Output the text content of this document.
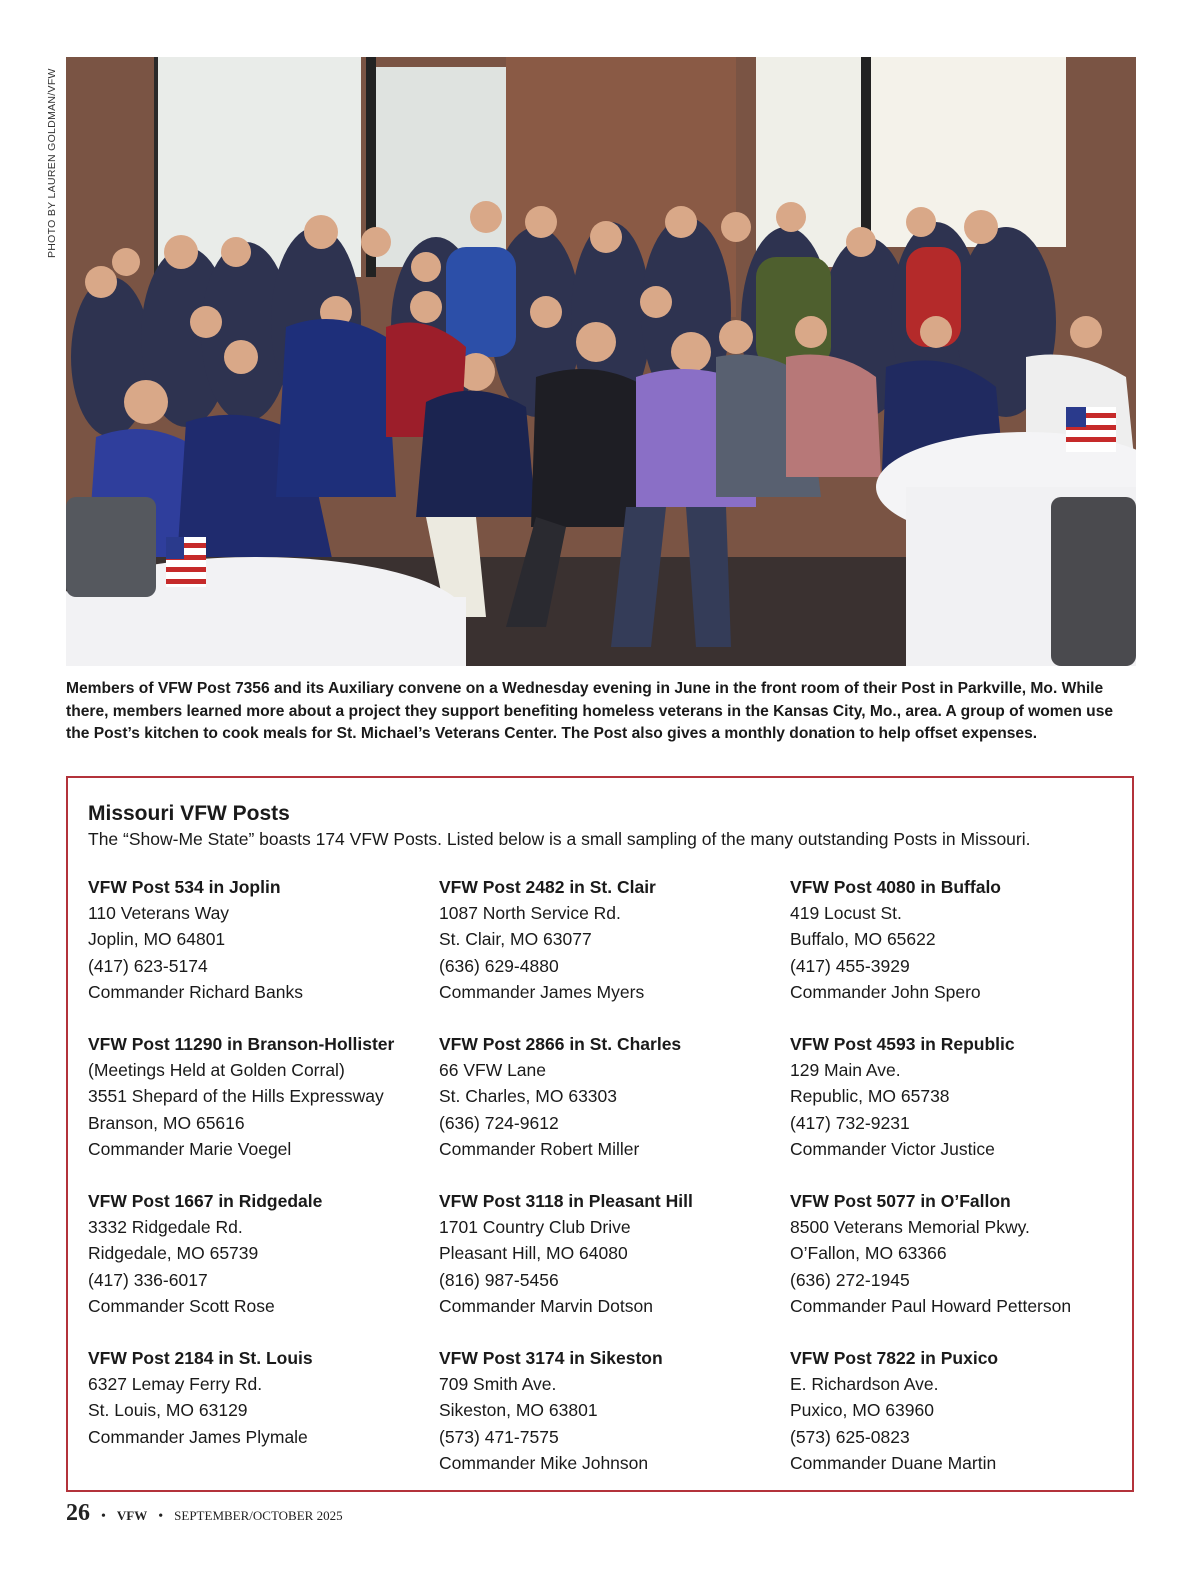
PHOTO BY LAUREN GOLDMAN/VFW
Members of VFW Post 7356 and its Auxiliary convene on a Wednesday evening in June in the front room of their Post in Parkville, Mo. While there, members learned more about a project they support benefiting homeless veterans in the Kansas City, Mo., area. A group of women use the Post’s kitchen to cook meals for St. Michael’s Veterans Center. The Post also gives a monthly donation to help offset expenses.
Missouri VFW Posts
The “Show-Me State” boasts 174 VFW Posts. Listed below is a small sampling of the many outstanding Posts in Missouri.
VFW Post 534 in Joplin
110 Veterans Way
Joplin, MO 64801
(417) 623-5174
Commander Richard Banks
VFW Post 11290 in Branson-Hollister
(Meetings Held at Golden Corral)
3551 Shepard of the Hills Expressway
Branson, MO 65616
Commander Marie Voegel
VFW Post 1667 in Ridgedale
3332 Ridgedale Rd.
Ridgedale, MO 65739
(417) 336-6017
Commander Scott Rose
VFW Post 2184 in St. Louis
6327 Lemay Ferry Rd.
St. Louis, MO 63129
Commander James Plymale
VFW Post 2482 in St. Clair
1087 North Service Rd.
St. Clair, MO 63077
(636) 629-4880
Commander James Myers
VFW Post 2866 in St. Charles
66 VFW Lane
St. Charles, MO 63303
(636) 724-9612
Commander Robert Miller
VFW Post 3118 in Pleasant Hill
1701 Country Club Drive
Pleasant Hill, MO 64080
(816) 987-5456
Commander Marvin Dotson
VFW Post 3174 in Sikeston
709 Smith Ave.
Sikeston, MO 63801
(573) 471-7575
Commander Mike Johnson
VFW Post 4080 in Buffalo
419 Locust St.
Buffalo, MO 65622
(417) 455-3929
Commander John Spero
VFW Post 4593 in Republic
129 Main Ave.
Republic, MO 65738
(417) 732-9231
Commander Victor Justice
VFW Post 5077 in O’Fallon
8500 Veterans Memorial Pkwy.
O’Fallon, MO 63366
(636) 272-1945
Commander Paul Howard Petterson
VFW Post 7822 in Puxico
E. Richardson Ave.
Puxico, MO 63960
(573) 625-0823
Commander Duane Martin
26 • VFW • SEPTEMBER/OCTOBER 2025
